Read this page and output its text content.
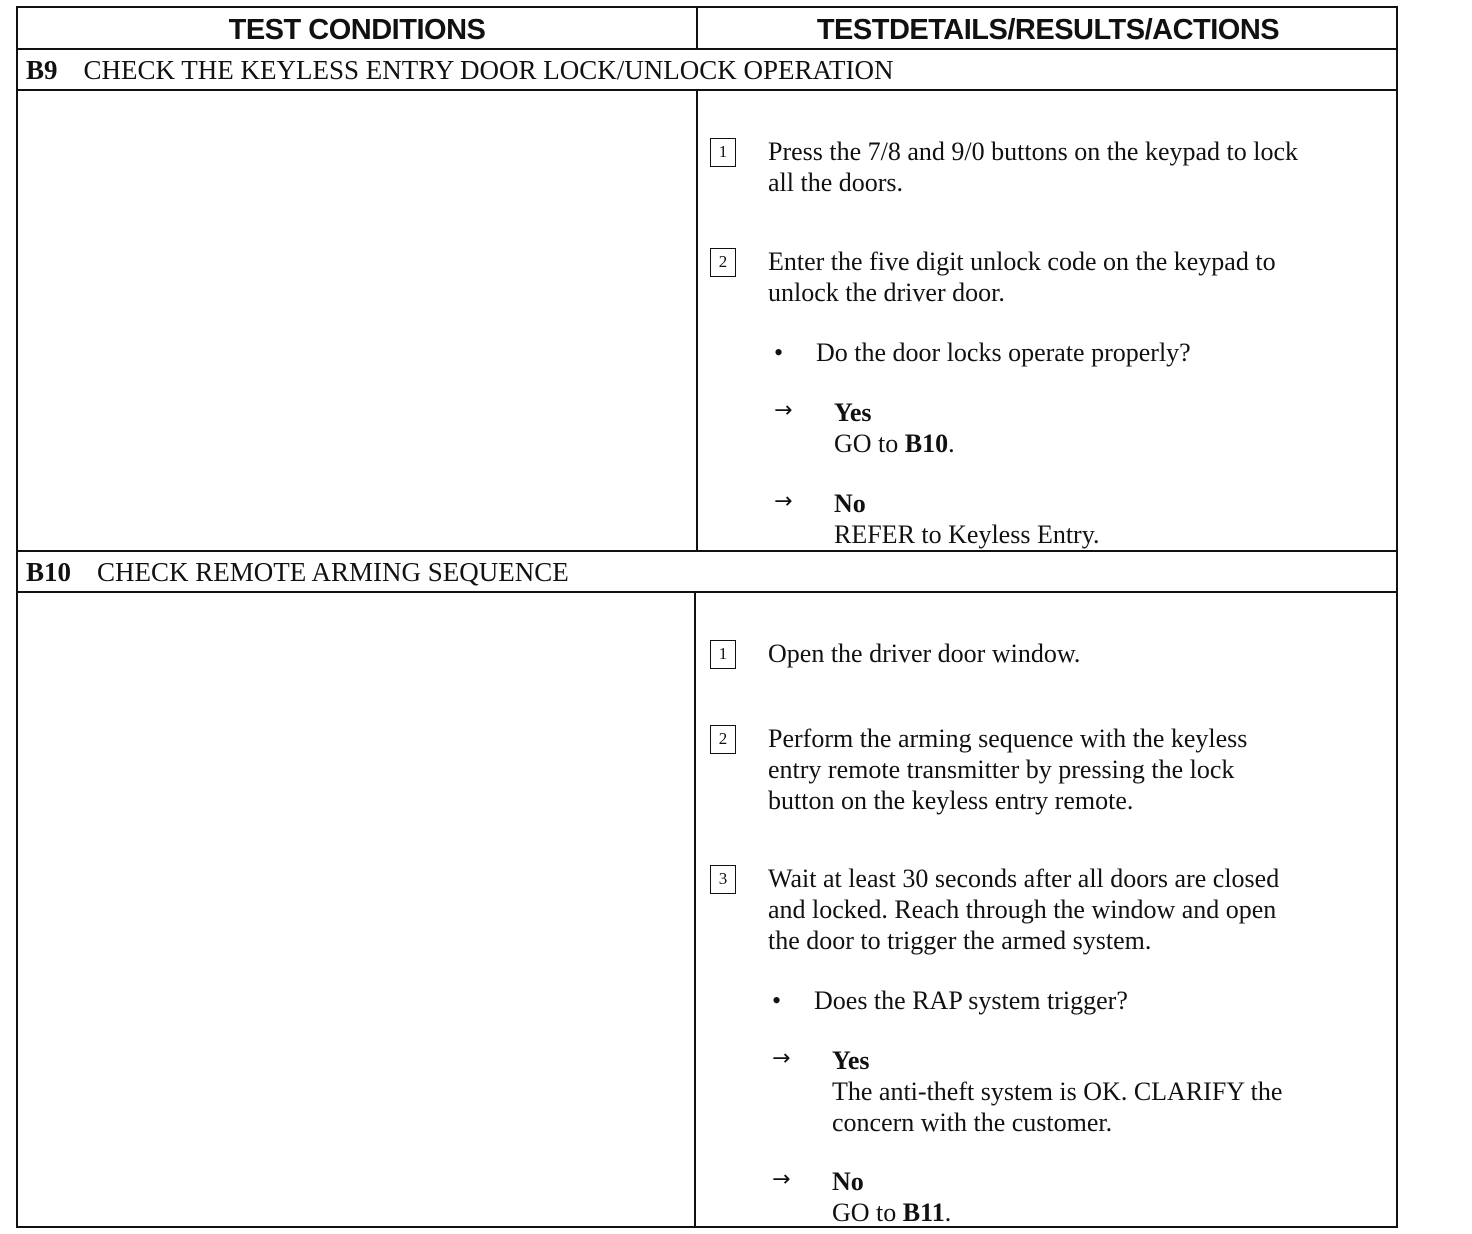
TEST CONDITIONS	TESTDETAILS/RESULTS/ACTIONS
B9 CHECK THE KEYLESS ENTRY DOOR LOCK/UNLOCK OPERATION
1	Press the 7/8 and 9/0 buttons on the keypad to lock
all the doors.
2	Enter the five digit unlock code on the keypad to
unlock the driver door.
• Do the door locks operate properly?
→ Yes
GO to B10.
→ No
REFER to Keyless Entry.
B10 CHECK REMOTE ARMING SEQUENCE
1	Open the driver door window.
2	Perform the arming sequence with the keyless
entry remote transmitter by pressing the lock
button on the keyless entry remote.
3	Wait at least 30 seconds after all doors are closed
and locked. Reach through the window and open
the door to trigger the armed system.
• Does the RAP system trigger?
→ Yes
The anti-theft system is OK. CLARIFY the
concern with the customer.
→ No
GO to B11.
